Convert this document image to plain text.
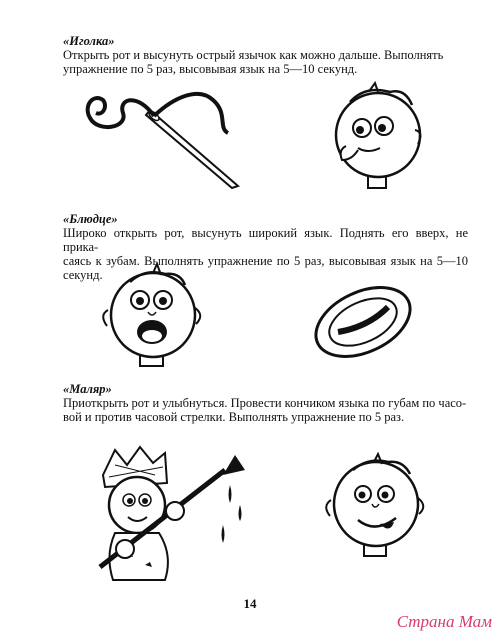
«Иголка»
Открыть рот и высунуть острый язычок как можно дальше. Выполнять
упражнение по 5 раз, высовывая язык на 5—10 секунд.
«Блюдце»
Широко открыть рот, высунуть широкий язык. Поднять его вверх, не прика-
саясь к зубам. Выполнять упражнение по 5 раз, высовывая язык на 5—10 секунд.
«Маляр»
Приоткрыть рот и улыбнуться. Провести кончиком языка по губам по часо-
вой и против часовой стрелки. Выполнять упражнение по 5 раз.
14
Страна Мам
